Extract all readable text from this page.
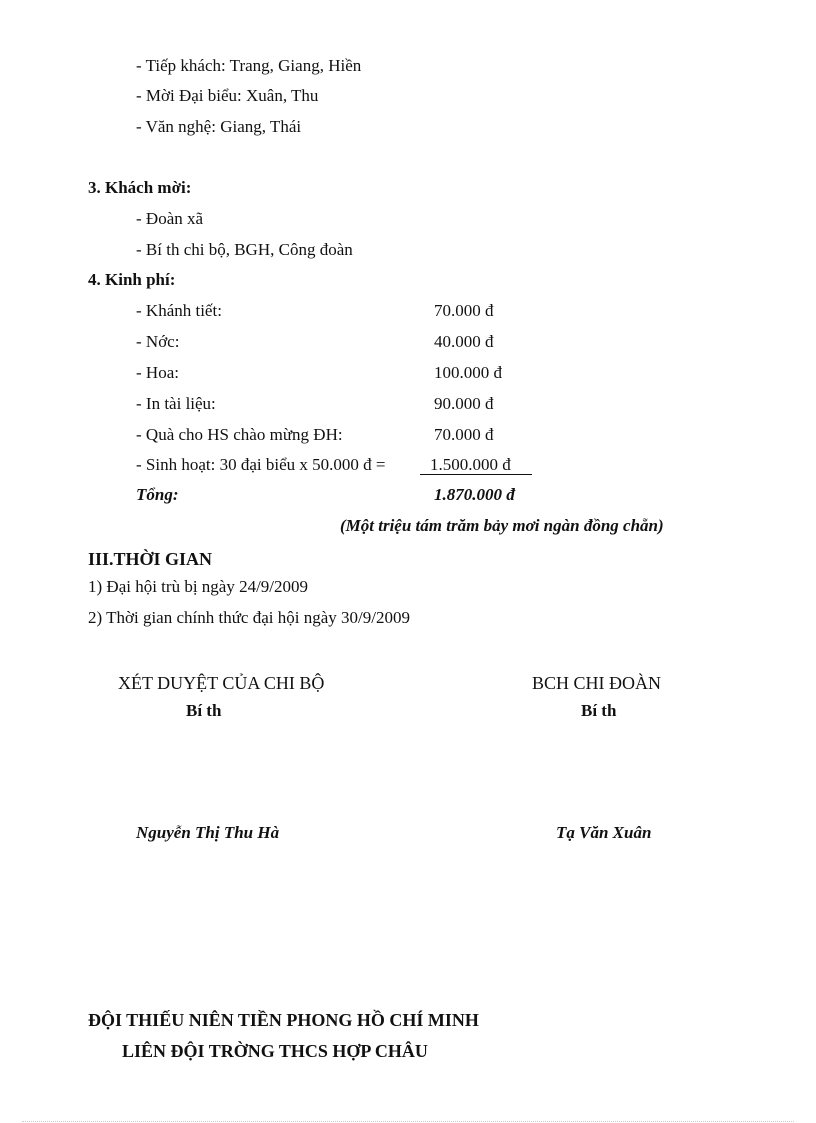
- Tiếp khách: Trang, Giang, Hiền
- Mời Đại biểu: Xuân, Thu
- Văn nghệ: Giang, Thái
3. Khách mời:
- Đoàn xã
- Bí th chi bộ, BGH, Công đoàn
4. Kinh phí:
- Khánh tiết:	70.000 đ
- Nớc:	40.000 đ
- Hoa:	100.000 đ
- In tài liệu:	90.000 đ
- Quà cho HS chào mừng ĐH:	70.000 đ
- Sinh hoạt: 30 đại biểu x 50.000 đ =	1.500.000 đ
Tổng:	1.870.000 đ
(Một triệu tám trăm bảy mơi ngàn đồng chẵn)
III.THỜI GIAN
1) Đại hội trù bị ngày 24/9/2009
2) Thời gian chính thức đại hội ngày 30/9/2009
XÉT DUYỆT CỦA CHI BỘ
Bí th
Nguyễn Thị Thu Hà
BCH CHI ĐOÀN
Bí th
Tạ Văn Xuân
ĐỘI THIẾU NIÊN TIỀN PHONG HỒ CHÍ MINH
LIÊN ĐỘI TRỜNG THCS HỢP CHÂU
